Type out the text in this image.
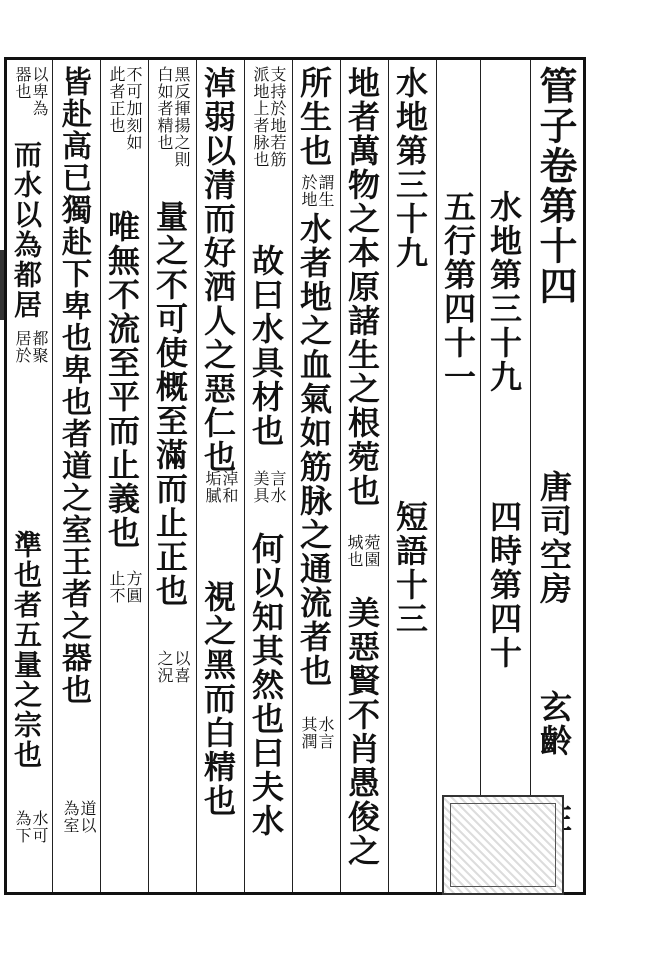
管子卷第十四
唐司空房
玄齡
水地第三十九
四時第四十
五行第四十一
水地第三十九
短語十三
地者萬物之本原諸生之根菀也
菀園
城也
美惡賢不肖愚俊之
所生也
謂生
於地
水者地之血氣如筋脉之通流者也
水言
其潤
支持於地若筋
派地上者脉也
故曰水具材也
言水
美具
何以知其然也曰夫水
淖弱以清而好洒人之惡仁也
淖和
垢膩
視之黑而白精也
黑反揮揚之則
白如者精也
量之不可使概至滿而止正也
以喜
之況
不可加刻如
此者正也
唯無不流至平而止義也
方圓
止不
皆赴高已獨赴下卑也卑也者道之室王者之器也
道以
為室
以卑為
器也
而水以為都居
都聚
居於
準也者五量之宗也
水可
為下
